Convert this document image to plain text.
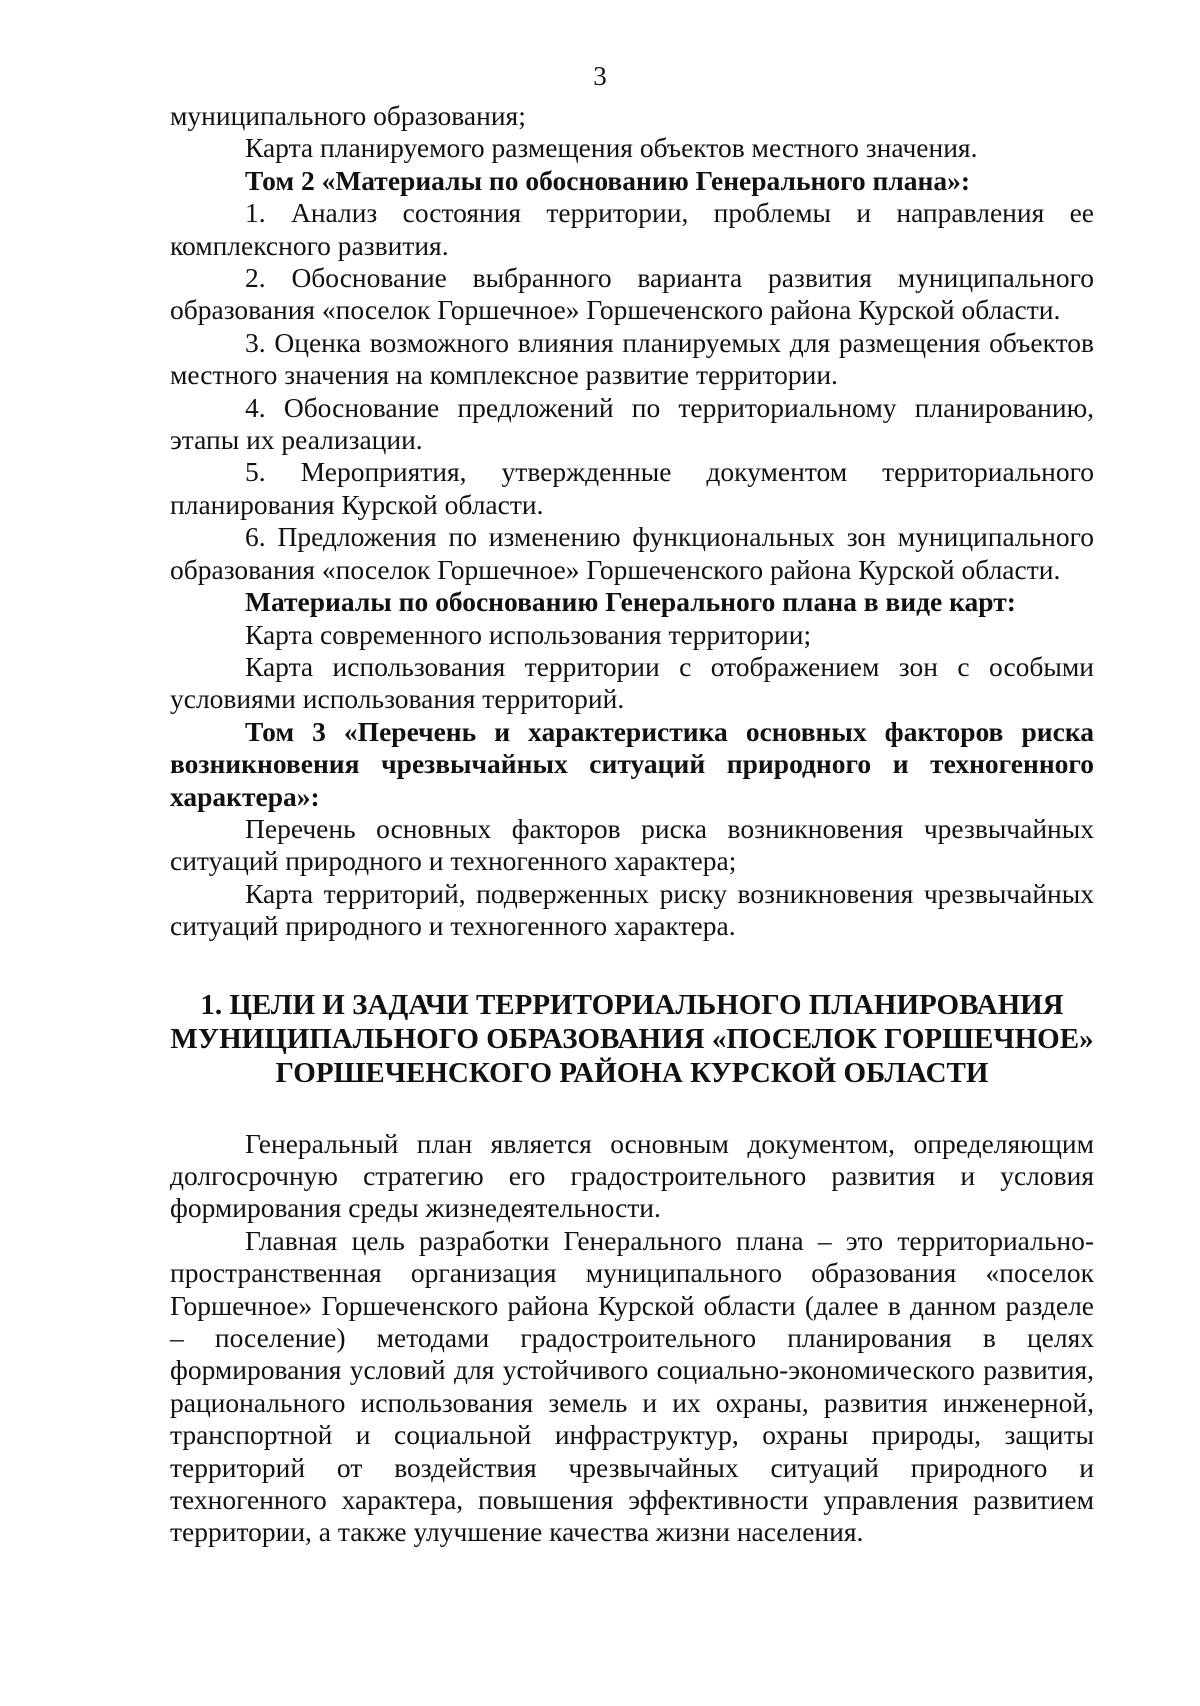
3

муниципального образования;

Карта планируемого размещения объектов местного значения.

Том 2 «Материалы по обоснованию Генерального плана»:

1. Анализ состояния территории, проблемы и направления ее комплексного развития.

2. Обоснование выбранного варианта развития муниципального образования «поселок Горшечное» Горшеченского района Курской области.

3. Оценка возможного влияния планируемых для размещения объектов местного значения на комплексное развитие территории.

4. Обоснование предложений по территориальному планированию, этапы их реализации.

5. Мероприятия, утвержденные документом территориального планирования Курской области.

6. Предложения по изменению функциональных зон муниципального образования «поселок Горшечное» Горшеченского района Курской области.

Материалы по обоснованию Генерального плана в виде карт:

Карта современного использования территории;

Карта использования территории с отображением зон с особыми условиями использования территорий.

Том 3 «Перечень и характеристика основных факторов риска возникновения чрезвычайных ситуаций природного и техногенного характера»:

Перечень основных факторов риска возникновения чрезвычайных ситуаций природного и техногенного характера;

Карта территорий, подверженных риску возникновения чрезвычайных ситуаций природного и техногенного характера.

1. ЦЕЛИ И ЗАДАЧИ ТЕРРИТОРИАЛЬНОГО ПЛАНИРОВАНИЯ
МУНИЦИПАЛЬНОГО ОБРАЗОВАНИЯ «ПОСЕЛОК ГОРШЕЧНОЕ»
ГОРШЕЧЕНСКОГО РАЙОНА КУРСКОЙ ОБЛАСТИ

Генеральный план является основным документом, определяющим долгосрочную стратегию его градостроительного развития и условия формирования среды жизнедеятельности.

Главная цель разработки Генерального плана – это территориально-пространственная организация муниципального образования «поселок Горшечное» Горшеченского района Курской области (далее в данном разделе – поселение) методами градостроительного планирования в целях формирования условий для устойчивого социально-экономического развития, рационального использования земель и их охраны, развития инженерной, транспортной и социальной инфраструктур, охраны природы, защиты территорий от воздействия чрезвычайных ситуаций природного и техногенного характера, повышения эффективности управления развитием территории, а также улучшение качества жизни населения.
